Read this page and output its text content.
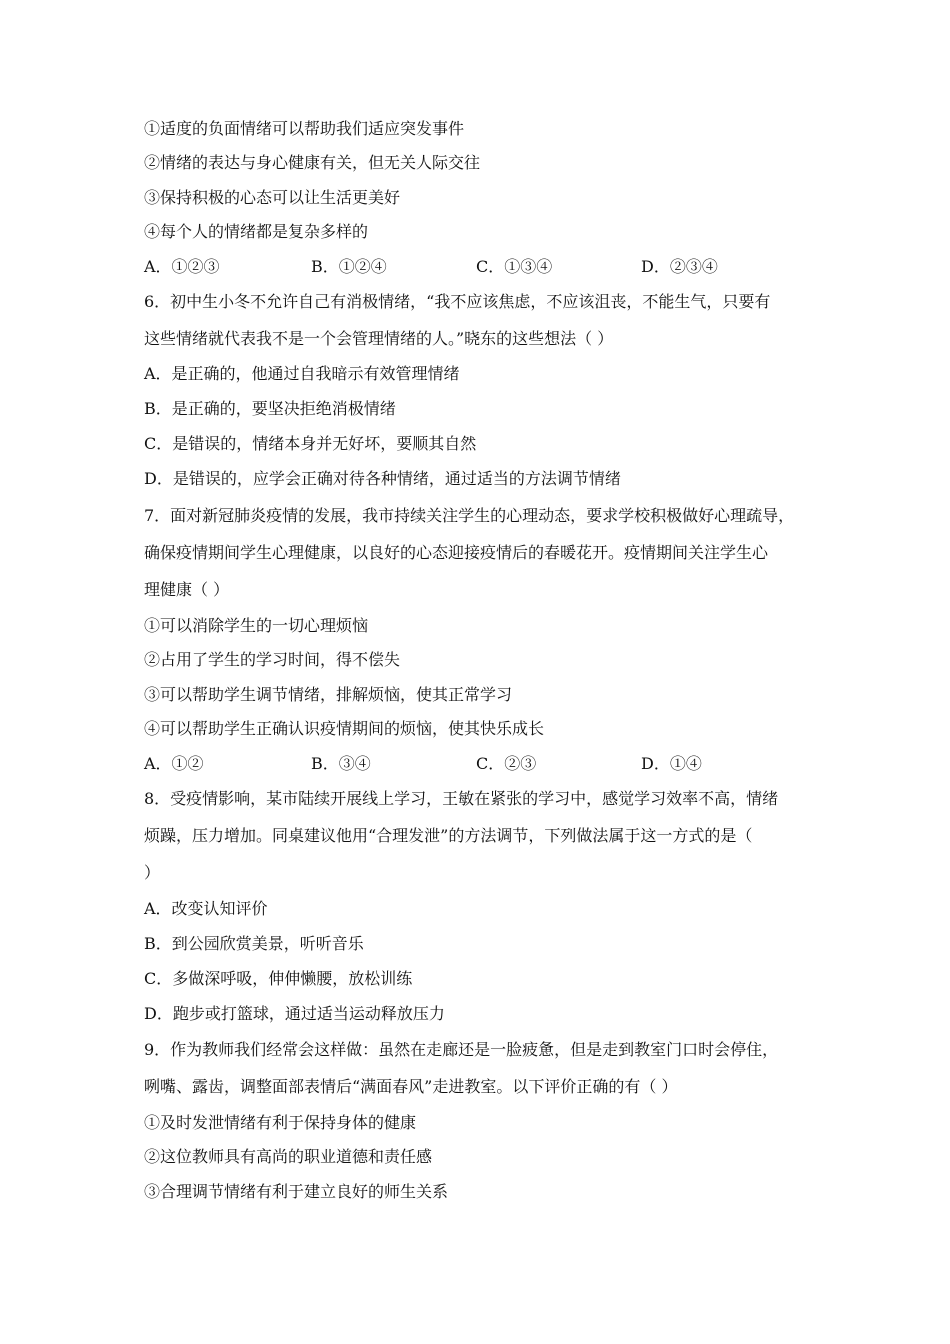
①适度的负面情绪可以帮助我们适应突发事件
②情绪的表达与身心健康有关，但无关人际交往
③保持积极的心态可以让生活更美好
④每个人的情绪都是复杂多样的
A．①②③	B．①②④	C．①③④	D．②③④
6．初中生小冬不允许自己有消极情绪，“我不应该焦虑，不应该沮丧，不能生气，只要有
这些情绪就代表我不是一个会管理情绪的人。”晓东的这些想法（ ）
A．是正确的，他通过自我暗示有效管理情绪
B．是正确的，要坚决拒绝消极情绪
C．是错误的，情绪本身并无好坏，要顺其自然
D．是错误的，应学会正确对待各种情绪，通过适当的方法调节情绪
7．面对新冠肺炎疫情的发展，我市持续关注学生的心理动态，要求学校积极做好心理疏导，
确保疫情期间学生心理健康，以良好的心态迎接疫情后的春暖花开。疫情期间关注学生心
理健康（ ）
①可以消除学生的一切心理烦恼
②占用了学生的学习时间，得不偿失
③可以帮助学生调节情绪，排解烦恼，使其正常学习
④可以帮助学生正确认识疫情期间的烦恼，使其快乐成长
A．①②	B．③④	C．②③	D．①④
8．受疫情影响，某市陆续开展线上学习，王敏在紧张的学习中，感觉学习效率不高，情绪
烦躁，压力增加。同桌建议他用“合理发泄”的方法调节，下列做法属于这一方式的是（
）
A．改变认知评价
B．到公园欣赏美景，听听音乐
C．多做深呼吸，伸伸懒腰，放松训练
D．跑步或打篮球，通过适当运动释放压力
9．作为教师我们经常会这样做：虽然在走廊还是一脸疲惫，但是走到教室门口时会停住，
咧嘴、露齿，调整面部表情后“满面春风”走进教室。以下评价正确的有（ ）
①及时发泄情绪有利于保持身体的健康
②这位教师具有高尚的职业道德和责任感
③合理调节情绪有利于建立良好的师生关系
